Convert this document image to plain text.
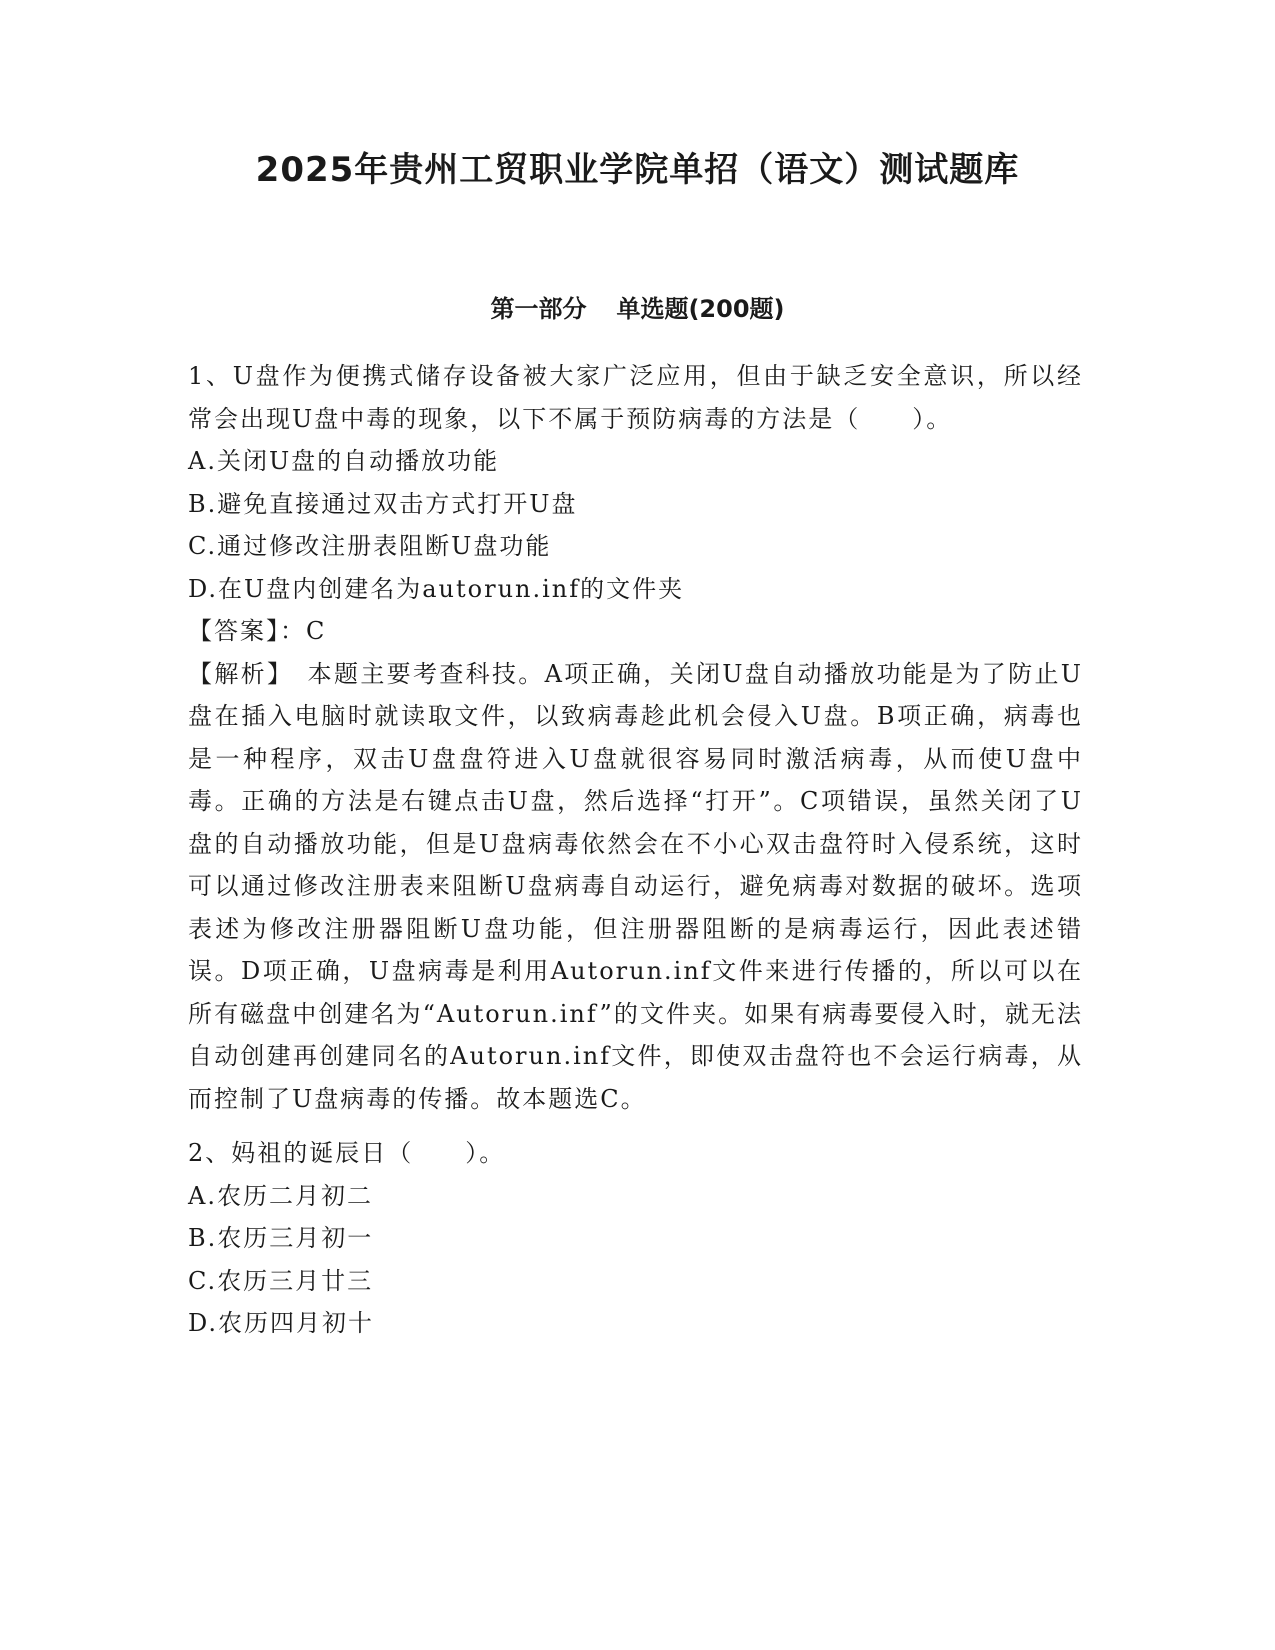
2025年贵州工贸职业学院单招（语文）测试题库
第一部分 单选题(200题)

1、U盘作为便携式储存设备被大家广泛应用，但由于缺乏安全意识，所以经常会出现U盘中毒的现象，以下不属于预防病毒的方法是（　　）。

A.关闭U盘的自动播放功能

B.避免直接通过双击方式打开U盘

C.通过修改注册表阻断U盘功能

D.在U盘内创建名为autorun.inf的文件夹

【答案】：C

【解析】　 本题主要考查科技。A项正确，关闭U盘自动播放功能是为了防止U盘在插入电脑时就读取文件，以致病毒趁此机会侵入U盘。B项正确，病毒也是一种程序，双击U盘盘符进入U盘就很容易同时激活病毒，从而使U盘中毒。正确的方法是右键点击U盘，然后选择“打开”。C项错误，虽然关闭了U盘的自动播放功能，但是U盘病毒依然会在不小心双击盘符时入侵系统，这时可以通过修改注册表来阻断U盘病毒自动运行，避免病毒对数据的破坏。选项表述为修改注册器阻断U盘功能，但注册器阻断的是病毒运行，因此表述错误。D项正确，U盘病毒是利用Autorun.inf文件来进行传播的，所以可以在所有磁盘中创建名为“Autorun.inf”的文件夹。如果有病毒要侵入时，就无法自动创建再创建同名的Autorun.inf文件，即使双击盘符也不会运行病毒，从而控制了U盘病毒的传播。故本题选C。

2、妈祖的诞辰日（　　）。

A.农历二月初二

B.农历三月初一

C.农历三月廿三

D.农历四月初十
